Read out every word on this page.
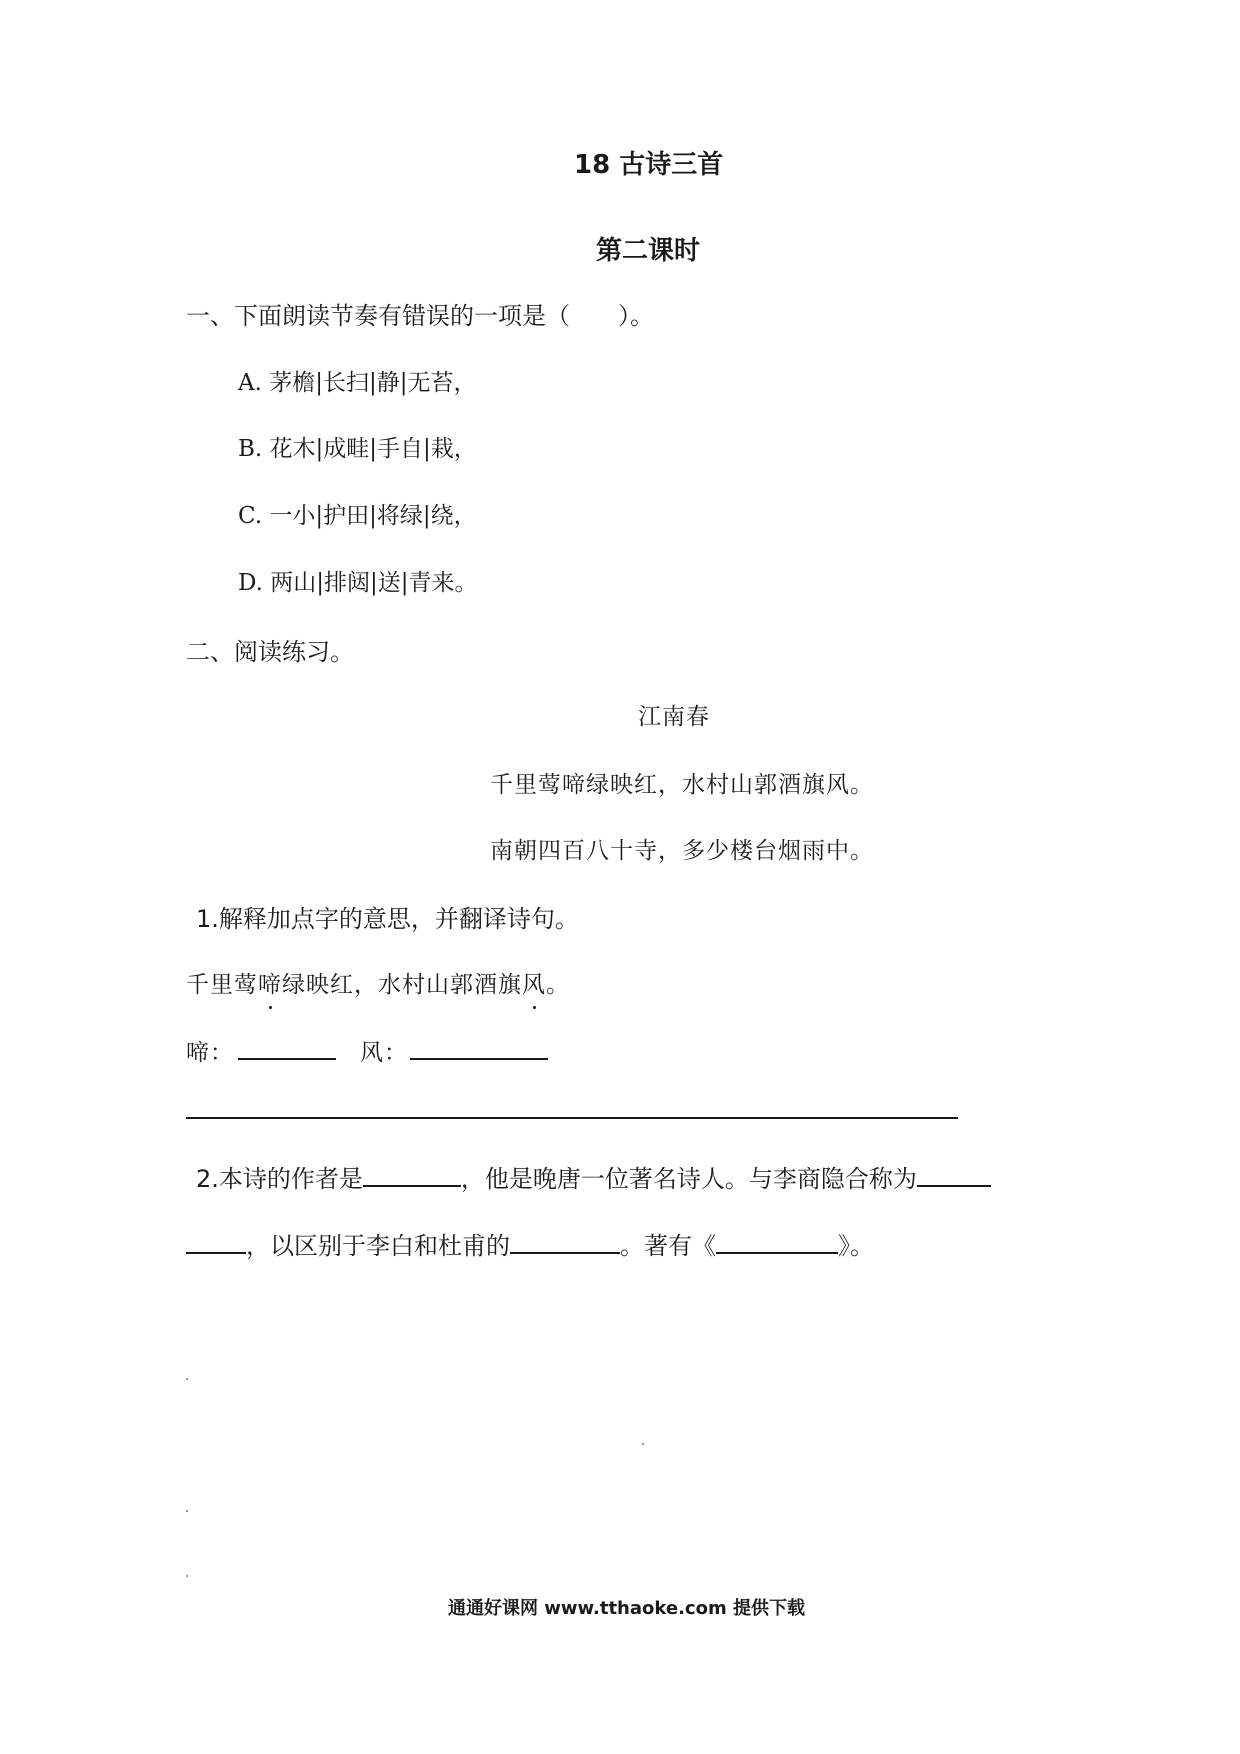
18 古诗三首
第二课时
一、下面朗读节奏有错误的一项是（　　）。
A. 茅檐|长扫|静|无苔，
B. 花木|成畦|手自|栽，
C. 一小|护田|将绿|绕，
D. 两山|排闼|送|青来。
二、阅读练习。
江南春
千里莺啼绿映红，水村山郭酒旗风。
南朝四百八十寺，多少楼台烟雨中。
1.解释加点字的意思，并翻译诗句。
千里莺啼绿映红，水村山郭酒旗风。
啼：	风：
2.本诗的作者是	，他是晚唐一位著名诗人。与李商隐合称为
，以区别于李白和杜甫的	。著有《	》。
通通好课网 www.tthaoke.com 提供下载
